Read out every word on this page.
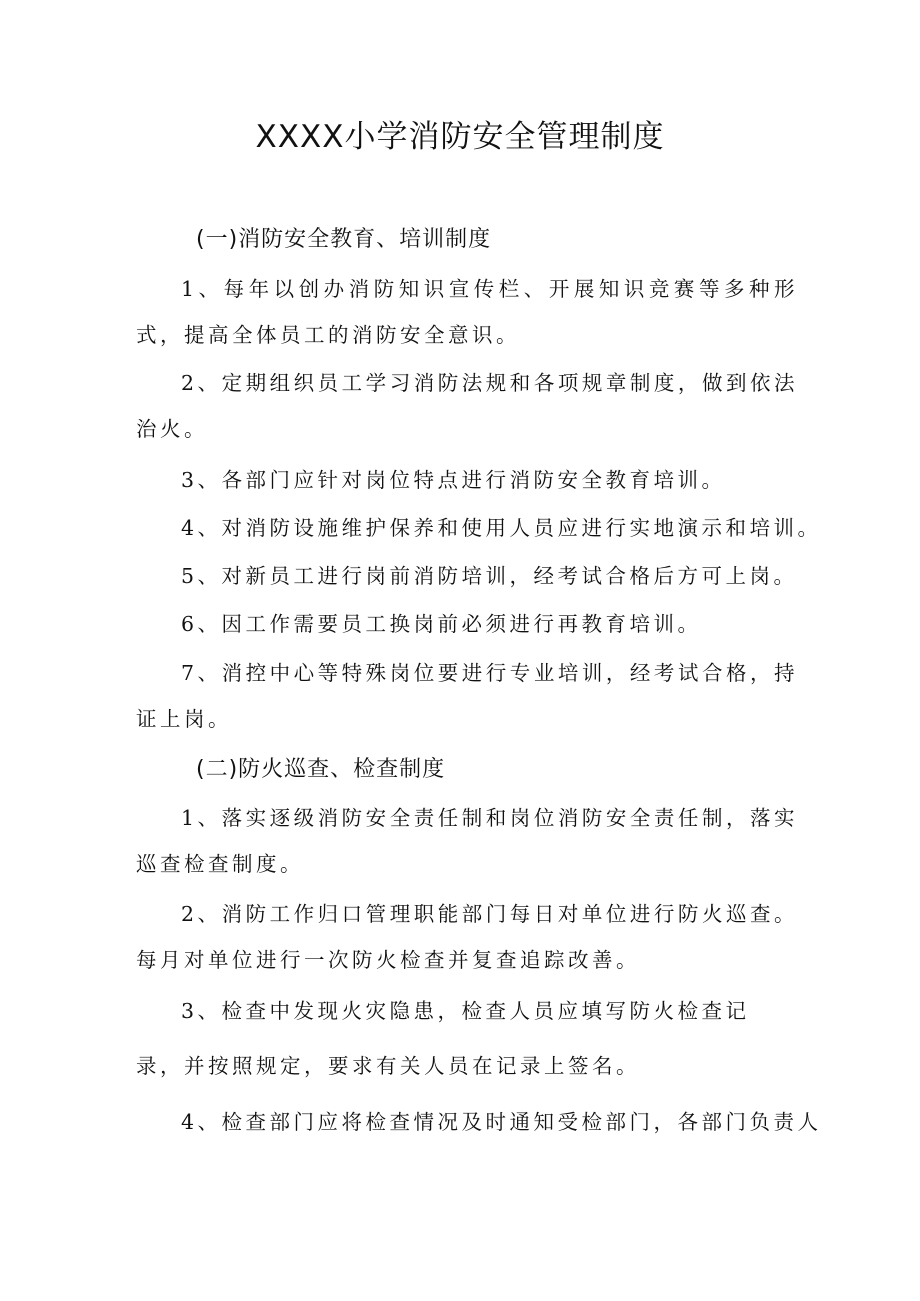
XXXX小学消防安全管理制度
(一)消防安全教育、培训制度

1、每年以创办消防知识宣传栏、开展知识竞赛等多种形式，提高全体员工的消防安全意识。

2、定期组织员工学习消防法规和各项规章制度，做到依法治火。

3、各部门应针对岗位特点进行消防安全教育培训。

4、对消防设施维护保养和使用人员应进行实地演示和培训。

5、对新员工进行岗前消防培训，经考试合格后方可上岗。

6、因工作需要员工换岗前必须进行再教育培训。

7、消控中心等特殊岗位要进行专业培训，经考试合格，持证上岗。

(二)防火巡查、检查制度

1、落实逐级消防安全责任制和岗位消防安全责任制，落实巡查检查制度。

2、消防工作归口管理职能部门每日对单位进行防火巡查。每月对单位进行一次防火检查并复查追踪改善。

3、检查中发现火灾隐患，检查人员应填写防火检查记

录，并按照规定，要求有关人员在记录上签名。

4、检查部门应将检查情况及时通知受检部门，各部门负责人
